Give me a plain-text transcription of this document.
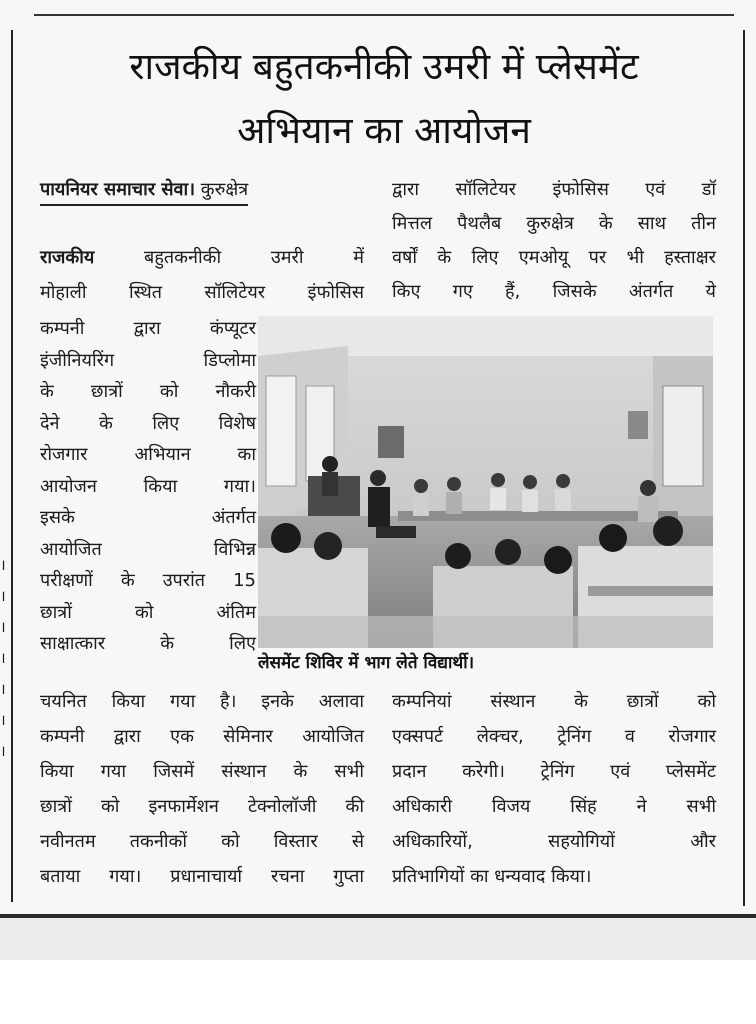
।
।
।
।
।
।
।
राजकीय बहुतकनीकी उमरी में प्लेसमेंट
अभियान का आयोजन
पायनियर समाचार सेवा। कुरुक्षेत्र
राजकीय	बहुतकनीकी उमरी में
मोहाली स्थित सॉलिटेयर इंफोसिस
कम्पनी द्वारा कंप्यूटर
इंजीनियरिंग डिप्लोमा
के छात्रों को नौकरी
देने के लिए विशेष
रोजगार अभियान का
आयोजन किया गया।
इसके अंतर्गत
आयोजित विभिन्न
परीक्षणों के उपरांत 15
छात्रों को अंतिम
साक्षात्कार के लिए
चयनित किया गया है। इनके अलावा
कम्पनी द्वारा एक सेमिनार आयोजित
किया गया जिसमें संस्थान के सभी
छात्रों को इनफार्मेशन टेक्नोलॉजी की
नवीनतम तकनीकों को विस्तार से
बताया गया। प्रधानाचार्या रचना गुप्ता
द्वारा सॉलिटेयर इंफोसिस एवं डॉ
मित्तल पैथलैब कुरुक्षेत्र के साथ तीन
वर्षों के लिए एमओयू पर भी हस्ताक्षर
किए गए हैं, जिसके अंतर्गत ये
कम्पनियां संस्थान के छात्रों को
एक्सपर्ट लेक्चर, ट्रेनिंग व रोजगार
प्रदान करेगी। ट्रेनिंग एवं प्लेसमेंट
अधिकारी विजय सिंह ने सभी
अधिकारियों, सहयोगियों और
प्रतिभागियों का धन्यवाद किया।
लेसमेंट शिविर में भाग लेते विद्यार्थी।
